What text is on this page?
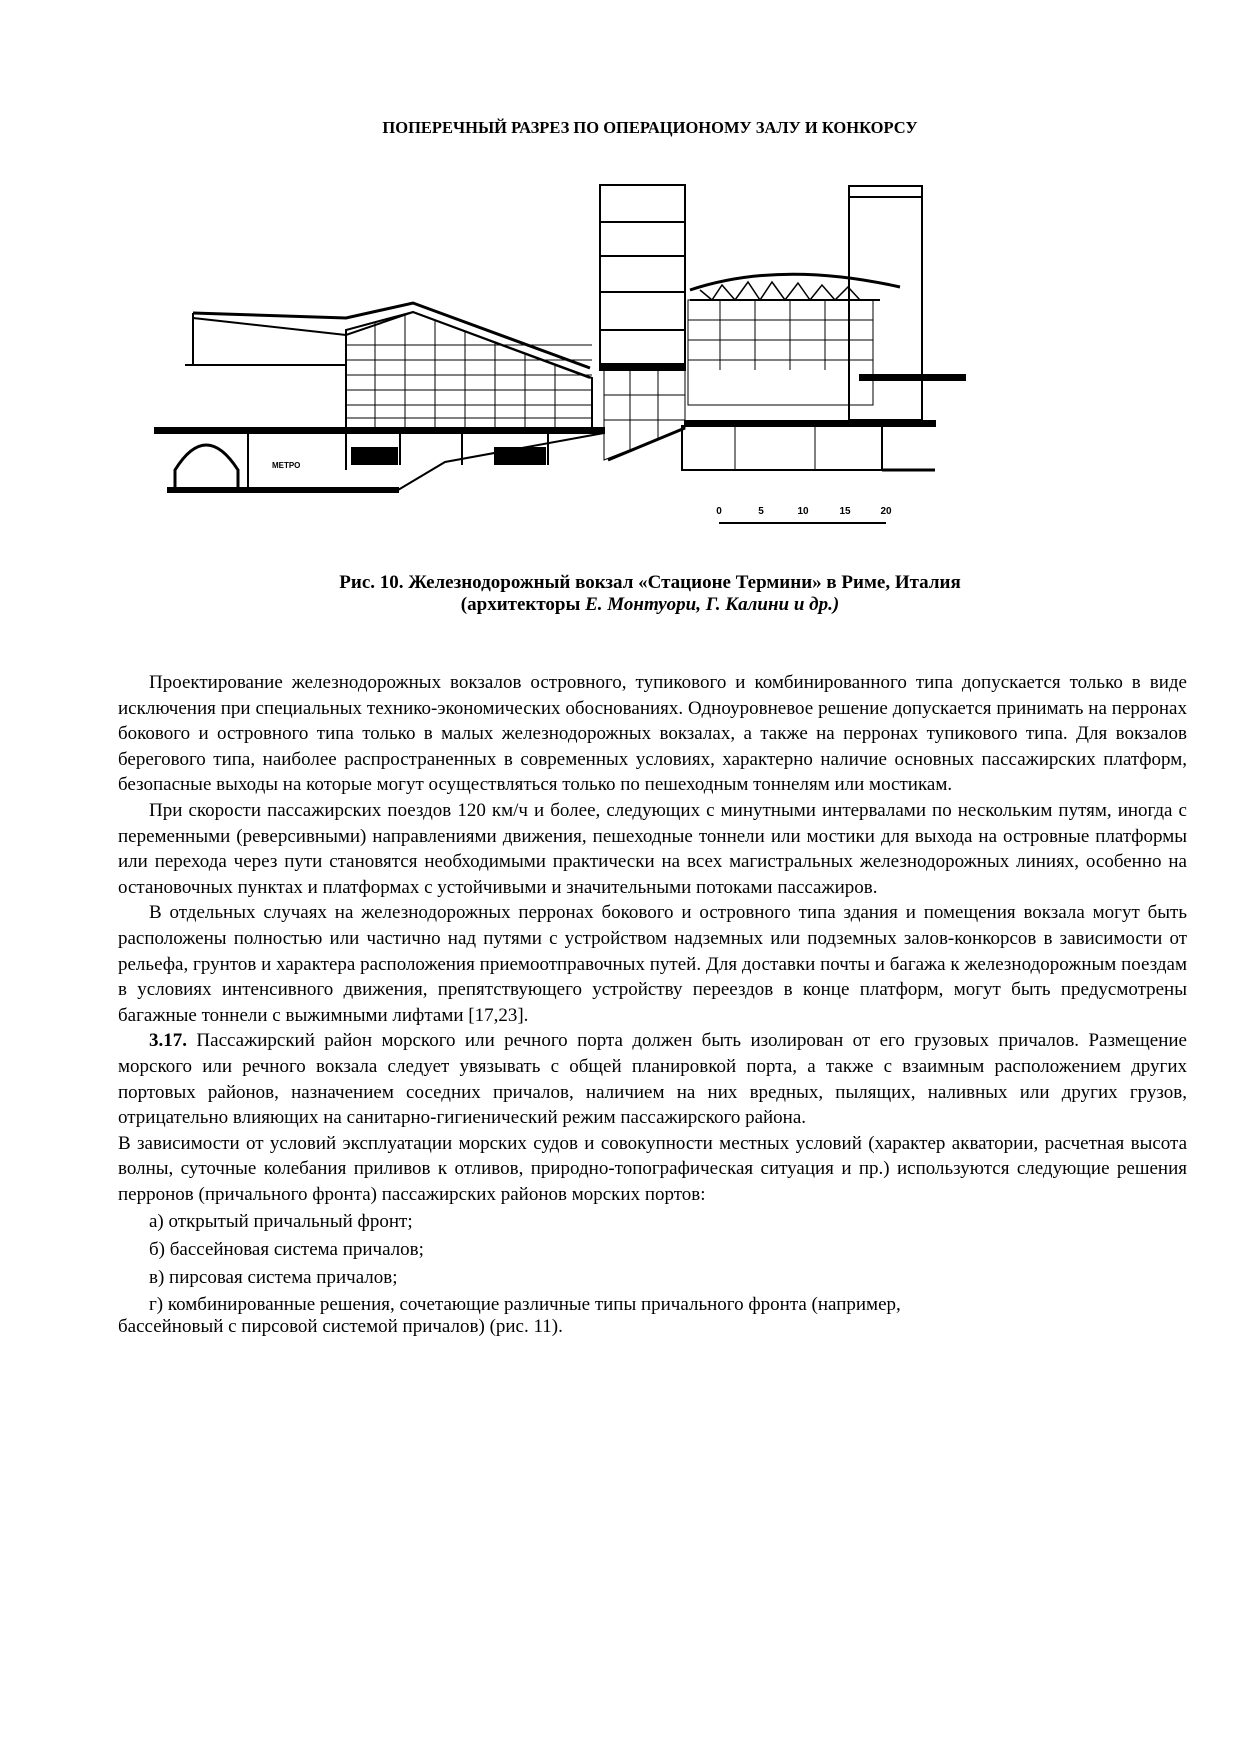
ПОПЕРЕЧНЫЙ РАЗРЕЗ ПО ОПЕРАЦИОНОМУ ЗАЛУ И КОНКОРСУ
МЕТРО
0	5	10	15	20
Рис. 10. Железнодорожный вокзал «Стационе Термини» в Риме, Италия
(архитекторы Е. Монтуори, Г. Калини и др.)

Проектирование железнодорожных вокзалов островного, тупикового и комбинированного типа допускается только в виде исключения при специальных технико-экономических обоснованиях. Одноуровневое решение допускается принимать на перронах бокового и островного типа только в малых железнодорожных вокзалах, а также на перронах тупикового типа. Для вокзалов берегового типа, наиболее распространенных в современных условиях, характерно наличие основных пассажирских платформ, безопасные выходы на которые могут осуществляться только по пешеходным тоннелям или мостикам.

При скорости пассажирских поездов 120 км/ч и более, следующих с минутными интервалами по нескольким путям, иногда с переменными (реверсивными) направлениями движения, пешеходные тоннели или мостики для выхода на островные платформы или перехода через пути становятся необходимыми практически на всех магистральных железнодорожных линиях, особенно на остановочных пунктах и платформах с устойчивыми и значительными потоками пассажиров.

В отдельных случаях на железнодорожных перронах бокового и островного типа здания и помещения вокзала могут быть расположены полностью или частично над путями с устройством надземных или подземных залов-конкорсов в зависимости от рельефа, грунтов и характера расположения приемоотправочных путей. Для доставки почты и багажа к железнодорожным поездам в условиях интенсивного движения, препятствующего устройству переездов в конце платформ, могут быть предусмотрены багажные тоннели с выжимными лифтами [17,23].

3.17. Пассажирский район морского или речного порта должен быть изолирован от его грузовых причалов. Размещение морского или речного вокзала следует увязывать с общей планировкой порта, а также с взаимным расположением других портовых районов, назначением соседних причалов, наличием на них вредных, пылящих, наливных или других грузов, отрицательно влияющих на санитарно-гигиенический режим пассажирского района.

В зависимости от условий эксплуатации морских судов и совокупности местных условий (характер акватории, расчетная высота волны, суточные колебания приливов к отливов, природно-топографическая ситуация и пр.) используются следующие решения перронов (причального фронта) пассажирских районов морских портов:

а) открытый причальный фронт;

б) бассейновая система причалов;

в) пирсовая система причалов;

г) комбинированные решения, сочетающие различные типы причального фронта (например,
бассейновый с пирсовой системой причалов) (рис. 11).
